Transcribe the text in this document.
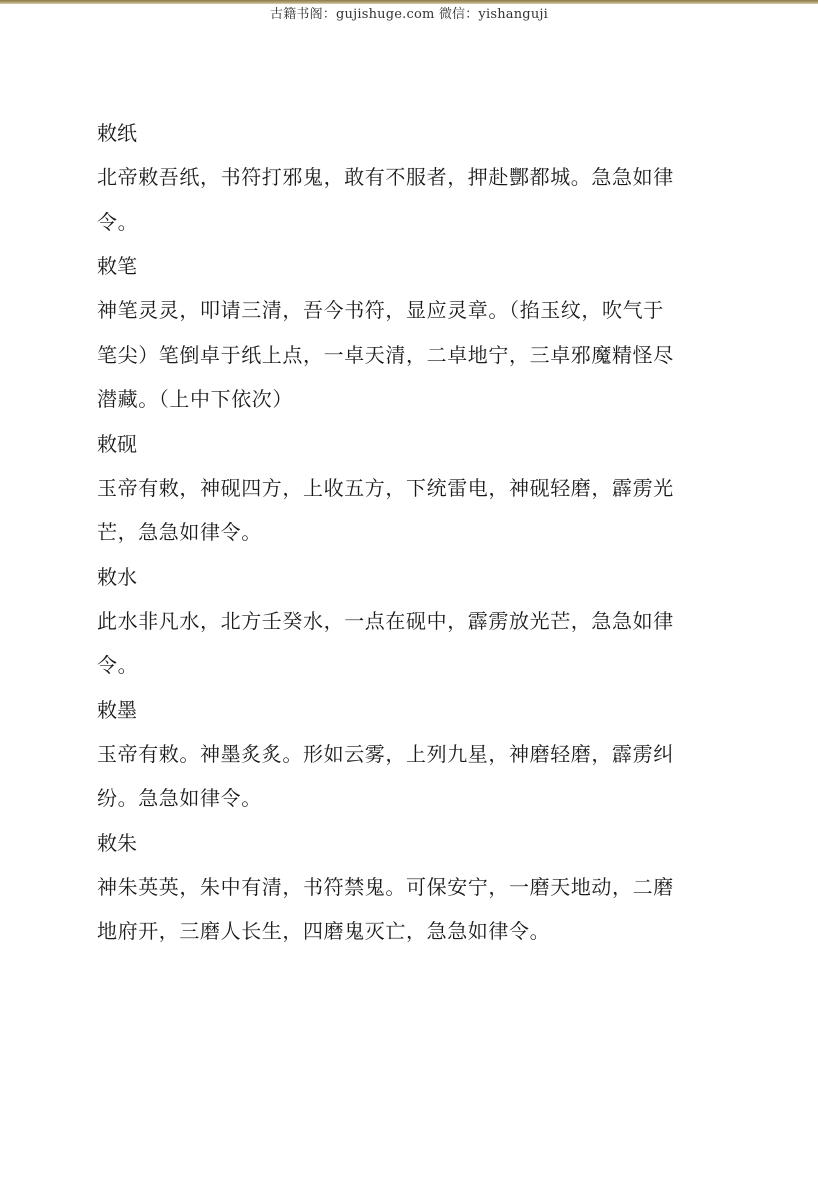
古籍书阁：gujishuge.com 微信：yishanguji
敕纸
北帝敕吾纸，书符打邪鬼，敢有不服者，押赴酆都城。急急如律
令。
敕笔
神笔灵灵，叩请三清，吾今书符，显应灵章。（掐玉纹，吹气于
笔尖）笔倒卓于纸上点，一卓天清，二卓地宁，三卓邪魔精怪尽
潜藏。（上中下依次）
敕砚
玉帝有敕，神砚四方，上收五方，下统雷电，神砚轻磨，霹雳光
芒，急急如律令。
敕水
此水非凡水，北方壬癸水，一点在砚中，霹雳放光芒，急急如律
令。
敕墨
玉帝有敕。神墨炙炙。形如云雾，上列九星，神磨轻磨，霹雳纠
纷。急急如律令。
敕朱
神朱英英，朱中有清，书符禁鬼。可保安宁，一磨天地动，二磨
地府开，三磨人长生，四磨鬼灭亡，急急如律令。
